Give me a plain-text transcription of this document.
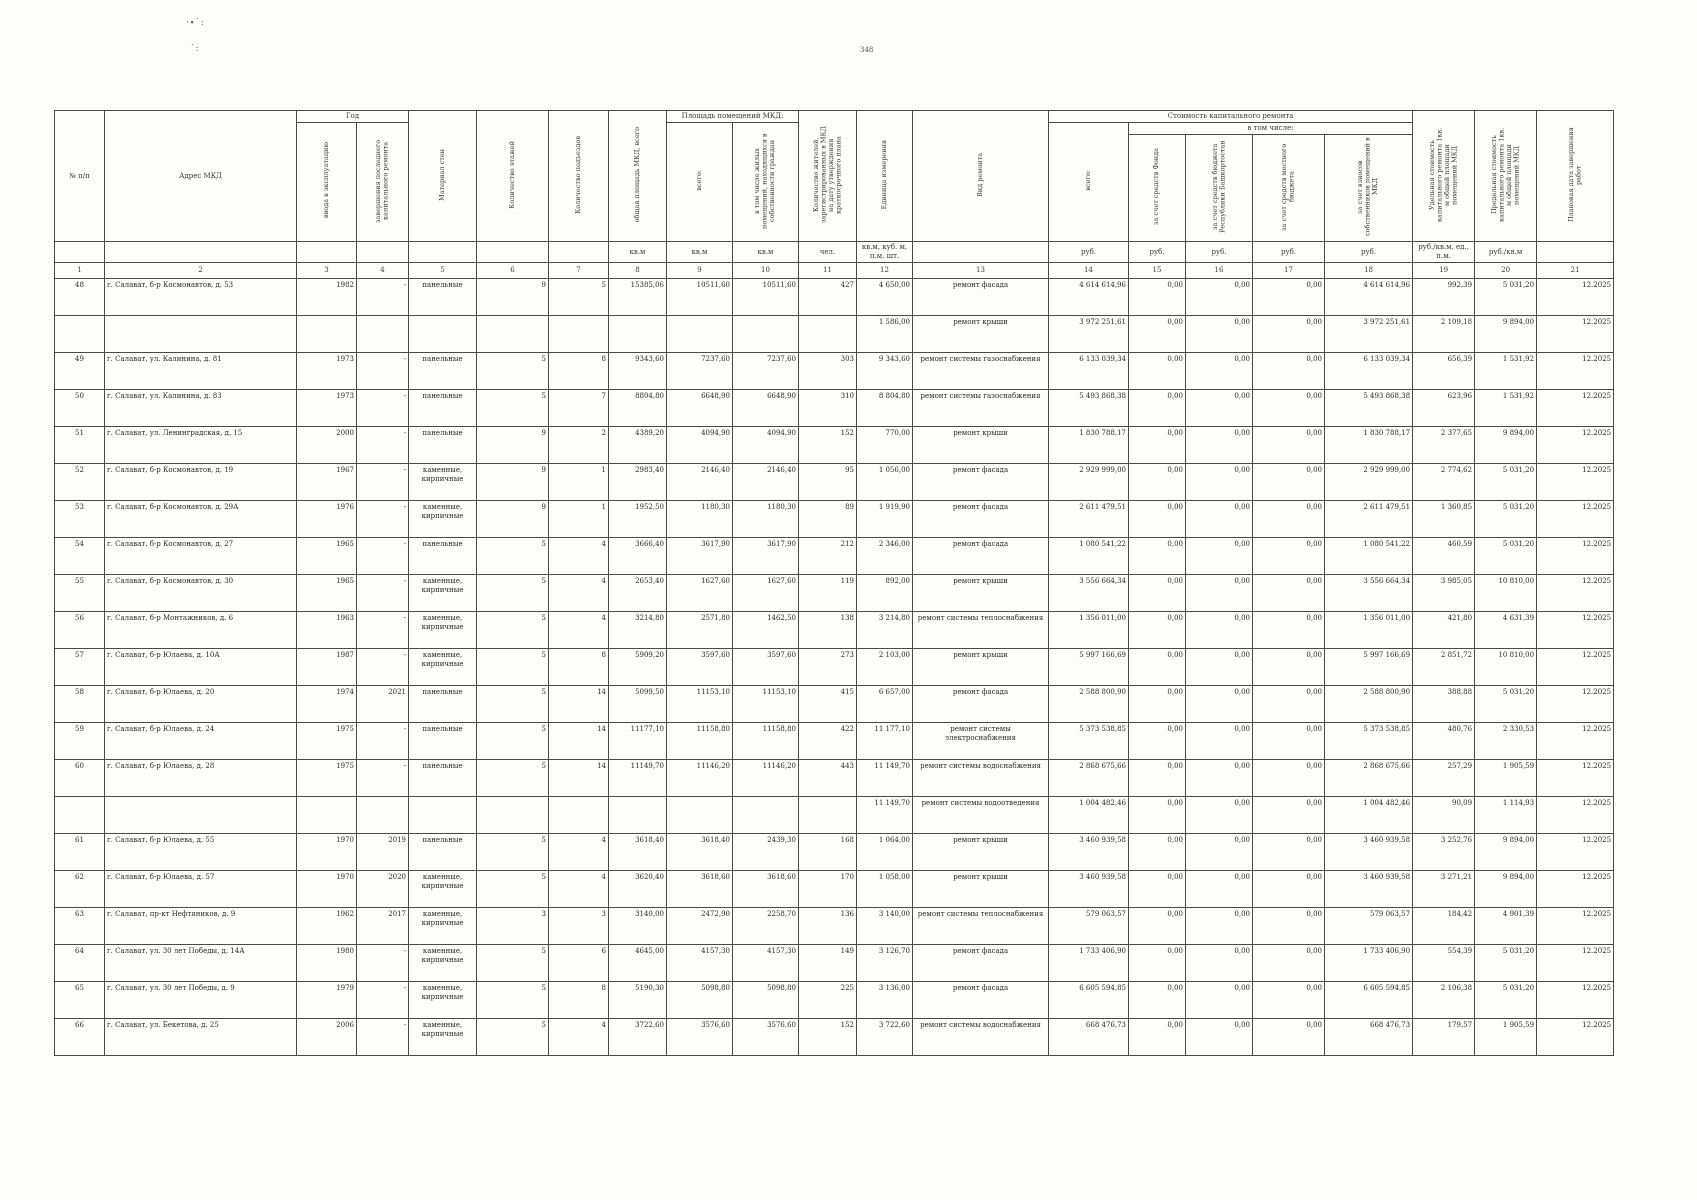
·∙˙:
˙:	348
№ п/п	Адрес МКД	Год		Материал стен	Количество этажей	Количество подъездов	общая площадь МКД, всего	Площадь помещений МКД:		Количество жителей, зарегистрированных в МКД на дату утверждения краткосрочного плана	Единица измерения	Вид ремонта	Стоимость капитального ремонта					Удельная стоимость капитального ремонта 1кв. м общей площади помещений МКД	Предельная стоимость капитального ремонта 1кв. м общей площади помещений МКД	Плановая дата завершения работ
		ввода в эксплуатацию	завершения последнего капитального ремонта					всего:	в том числе жилых помещений, находящихся в собственности граждан				всего:	в том числе:						
														за счет средств Фонда	за счет средств бюджета Республики Башкортостан	за счет средств местного бюджета	за счет взносов собственников помещений в МКД			
							кв.м	кв.м	кв.м	чел.	кв.м, куб. м, п.м, шт.		руб.	руб.	руб.	руб.	руб.	руб./кв.м, ед., п.м.	руб./кв.м	
1	2	3	4	5	6	7	8	9	10	11	12	13	14	15	16	17	18	19	20	21
48	г. Салават, б-р Космонавтов, д. 53	1982	-	панельные	9	5	15385,06	10511,60	10511,60	427	4 650,00	ремонт фасада	4 614 614,96	0,00	0,00	0,00	4 614 614,96	992,39	5 031,20	12.2025
											1 586,00	ремонт крыши	3 972 251,61	0,00	0,00	0,00	3 972 251,61	2 109,18	9 894,00	12.2025
49	г. Салават, ул. Калинина, д. 81	1973	-	панельные	5	8	9343,60	7237,60	7237,60	303	9 343,60	ремонт системы газоснабжения	6 133 039,34	0,00	0,00	0,00	6 133 039,34	656,39	1 531,92	12.2025
50	г. Салават, ул. Калинина, д. 83	1973	-	панельные	5	7	8804,80	6648,90	6648,90	310	8 804,80	ремонт системы газоснабжения	5 493 868,38	0,00	0,00	0,00	5 493 868,38	623,96	1 531,92	12.2025
51	г. Салават, ул. Ленинградская, д. 15	2000	-	панельные	9	2	4389,20	4094,90	4094,90	152	770,00	ремонт крыши	1 830 788,17	0,00	0,00	0,00	1 830 788,17	2 377,65	9 894,00	12.2025
52	г. Салават, б-р Космонавтов, д. 19	1967	-	каменные, кирпичные	9	1	2983,40	2146,40	2146,40	95	1 056,00	ремонт фасада	2 929 999,00	0,00	0,00	0,00	2 929 999,00	2 774,62	5 031,20	12.2025
53	г. Салават, б-р Космонавтов, д. 29А	1976	-	каменные, кирпичные	9	1	1952,50	1180,30	1180,30	89	1 919,90	ремонт фасада	2 611 479,51	0,00	0,00	0,00	2 611 479,51	1 360,85	5 031,20	12.2025
54	г. Салават, б-р Космонавтов, д. 27	1965	-	панельные	5	4	3666,40	3617,90	3617,90	212	2 346,00	ремонт фасада	1 080 541,22	0,00	0,00	0,00	1 080 541,22	460,59	5 031,20	12.2025
55	г. Салават, б-р Космонавтов, д. 30	1965	-	каменные, кирпичные	5	4	2653,40	1627,60	1627,60	119	892,00	ремонт крыши	3 556 664,34	0,00	0,00	0,00	3 556 664,34	3 985,05	10 810,00	12.2025
56	г. Салават, б-р Монтажников, д. 6	1963	-	каменные, кирпичные	5	4	3214,80	2571,80	1462,50	138	3 214,80	ремонт системы теплоснабжения	1 356 011,00	0,00	0,00	0,00	1 356 011,00	421,80	4 631,39	12.2025
57	г. Салават, б-р Юлаева, д. 10А	1987	-	каменные, кирпичные	5	8	5909,20	3597,60	3597,60	273	2 103,00	ремонт крыши	5 997 166,69	0,00	0,00	0,00	5 997 166,69	2 851,72	10 810,00	12.2025
58	г. Салават, б-р Юлаева, д. 20	1974	2021	панельные	5	14	5099,50	11153,10	11153,10	415	6 657,00	ремонт фасада	2 588 800,90	0,00	0,00	0,00	2 588 800,90	388,88	5 031,20	12.2025
59	г. Салават, б-р Юлаева, д. 24	1975	-	панельные	5	14	11177,10	11158,80	11158,80	422	11 177,10	ремонт системы электроснабжения	5 373 538,85	0,00	0,00	0,00	5 373 538,85	480,76	2 330,53	12.2025
60	г. Салават, б-р Юлаева, д. 28	1975	-	панельные	5	14	11149,70	11146,20	11146,20	443	11 149,70	ремонт системы водоснабжения	2 868 675,66	0,00	0,00	0,00	2 868 675,66	257,29	1 905,59	12.2025
											11 149,70	ремонт системы водоотведения	1 004 482,46	0,00	0,00	0,00	1 004 482,46	90,09	1 114,93	12.2025
61	г. Салават, б-р Юлаева, д. 55	1970	2019	панельные	5	4	3618,40	3618,40	2439,30	168	1 064,00	ремонт крыши	3 460 939,58	0,00	0,00	0,00	3 460 939,58	3 252,76	9 894,00	12.2025
62	г. Салават, б-р Юлаева, д. 57	1970	2020	каменные, кирпичные	5	4	3620,40	3618,60	3618,60	170	1 058,00	ремонт крыши	3 460 939,58	0,00	0,00	0,00	3 460 939,58	3 271,21	9 894,00	12.2025
63	г. Салават, пр-кт Нефтяников, д. 9	1962	2017	каменные, кирпичные	3	3	3140,00	2472,90	2258,70	136	3 140,00	ремонт системы теплоснабжения	579 063,57	0,00	0,00	0,00	579 063,57	184,42	4 901,39	12.2025
64	г. Салават, ул. 30 лет Победы, д. 14А	1980	-	каменные, кирпичные	5	6	4645,00	4157,30	4157,30	149	3 126,70	ремонт фасада	1 733 406,90	0,00	0,00	0,00	1 733 406,90	554,39	5 031,20	12.2025
65	г. Салават, ул. 30 лет Победы, д. 9	1979	-	каменные, кирпичные	5	8	5190,30	5098,80	5098,80	225	3 136,00	ремонт фасада	6 605 594,85	0,00	0,00	0,00	6 605 594,85	2 106,38	5 031,20	12.2025
66	г. Салават, ул. Бекетова, д. 25	2006	-	каменные, кирпичные	5	4	3722,60	3576,60	3576,60	152	3 722,60	ремонт системы водоснабжения	668 476,73	0,00	0,00	0,00	668 476,73	179,57	1 905,59	12.2025
